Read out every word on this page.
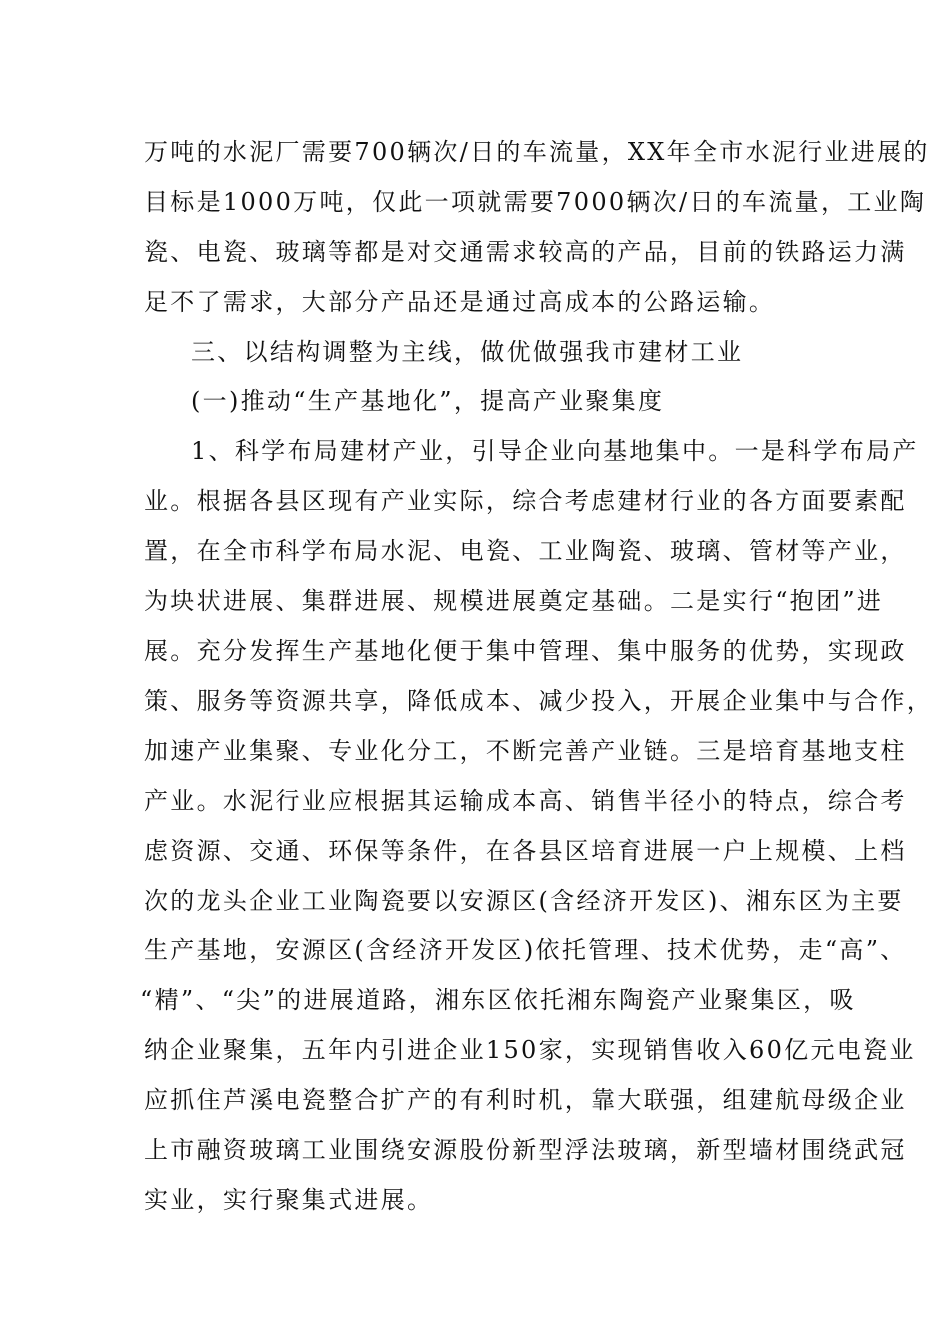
万吨的水泥厂需要700辆次/日的车流量，XX年全市水泥行业进展的
目标是1000万吨，仅此一项就需要7000辆次/日的车流量，工业陶
瓷、电瓷、玻璃等都是对交通需求较高的产品，目前的铁路运力满
足不了需求，大部分产品还是通过高成本的公路运输。
三、以结构调整为主线，做优做强我市建材工业
(一)推动“生产基地化”，提高产业聚集度
1、科学布局建材产业，引导企业向基地集中。一是科学布局产
业。根据各县区现有产业实际，综合考虑建材行业的各方面要素配
置，在全市科学布局水泥、电瓷、工业陶瓷、玻璃、管材等产业，
为块状进展、集群进展、规模进展奠定基础。二是实行“抱团”进
展。充分发挥生产基地化便于集中管理、集中服务的优势，实现政
策、服务等资源共享，降低成本、减少投入，开展企业集中与合作，
加速产业集聚、专业化分工，不断完善产业链。三是培育基地支柱
产业。水泥行业应根据其运输成本高、销售半径小的特点，综合考
虑资源、交通、环保等条件，在各县区培育进展一户上规模、上档
次的龙头企业工业陶瓷要以安源区(含经济开发区)、湘东区为主要
生产基地，安源区(含经济开发区)依托管理、技术优势，走“高”、
“精”、“尖”的进展道路，湘东区依托湘东陶瓷产业聚集区，吸
纳企业聚集，五年内引进企业150家，实现销售收入60亿元电瓷业
应抓住芦溪电瓷整合扩产的有利时机，靠大联强，组建航母级企业
上市融资玻璃工业围绕安源股份新型浮法玻璃，新型墙材围绕武冠
实业，实行聚集式进展。
